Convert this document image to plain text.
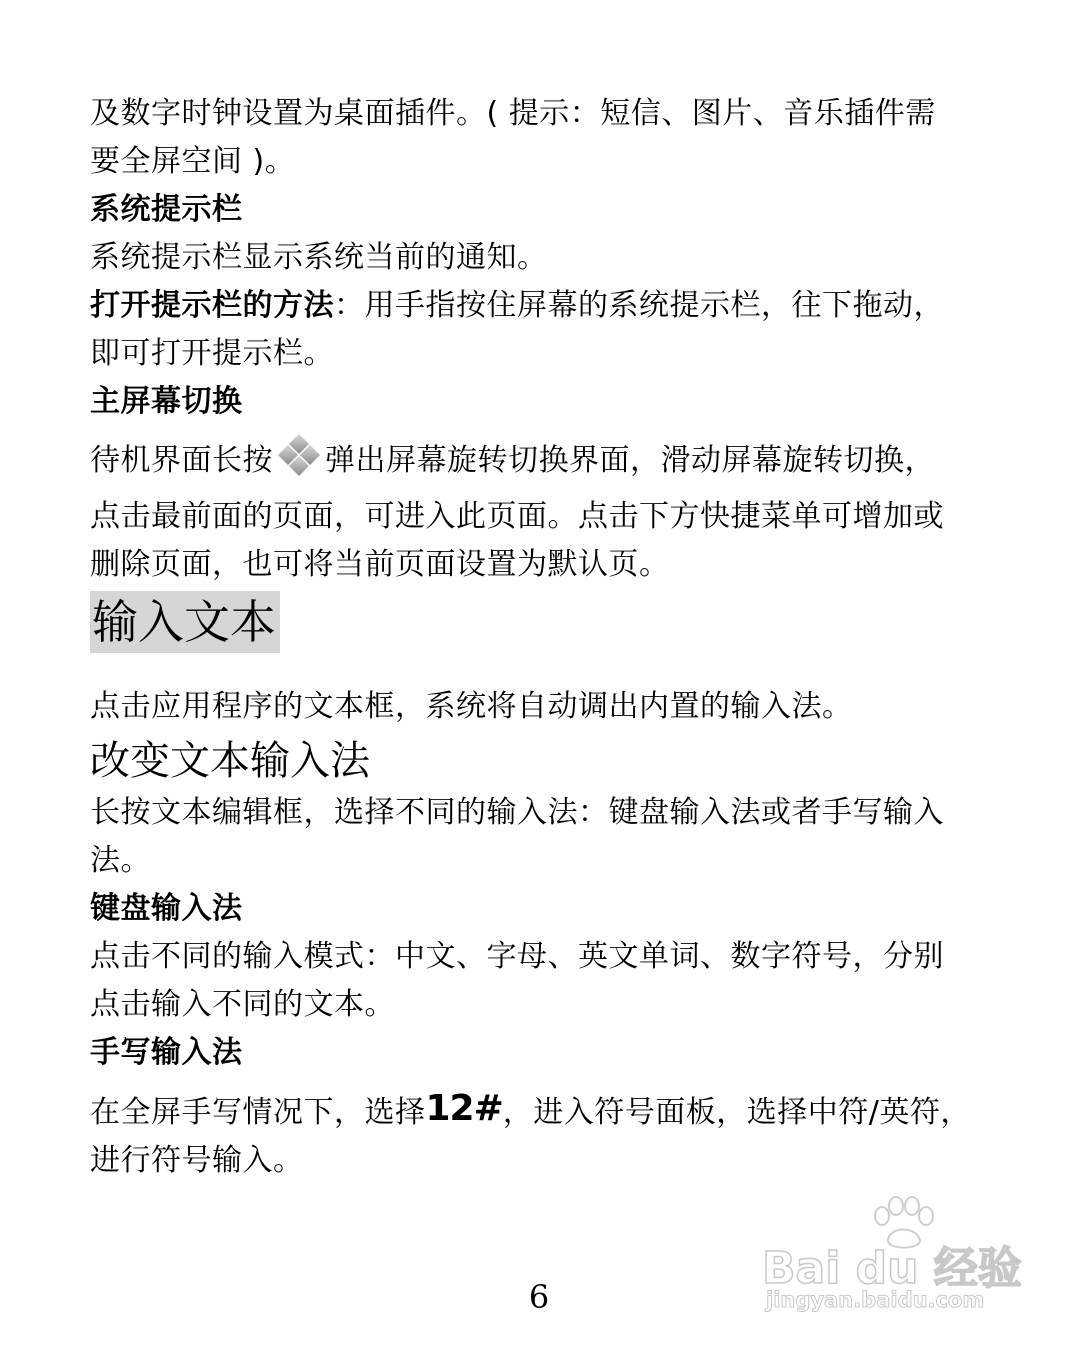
及数字时钟设置为桌面插件。( 提示：短信、图片、音乐插件需
要全屏空间 )。
系统提示栏
系统提示栏显示系统当前的通知。
打开提示栏的方法：用手指按住屏幕的系统提示栏，往下拖动，
即可打开提示栏。
主屏幕切换
待机界面长按 弹出屏幕旋转切换界面，滑动屏幕旋转切换，
点击最前面的页面，可进入此页面。点击下方快捷菜单可增加或
删除页面，也可将当前页面设置为默认页。
输入文本
点击应用程序的文本框，系统将自动调出内置的输入法。
改变文本输入法
长按文本编辑框，选择不同的输入法：键盘输入法或者手写输入
法。
键盘输入法
点击不同的输入模式：中文、字母、英文单词、数字符号，分别
点击输入不同的文本。
手写输入法
在全屏手写情况下，选择12#，进入符号面板，选择中符/英符，
进行符号输入。
6
Bai du 经验
jingyan.baidu.com
